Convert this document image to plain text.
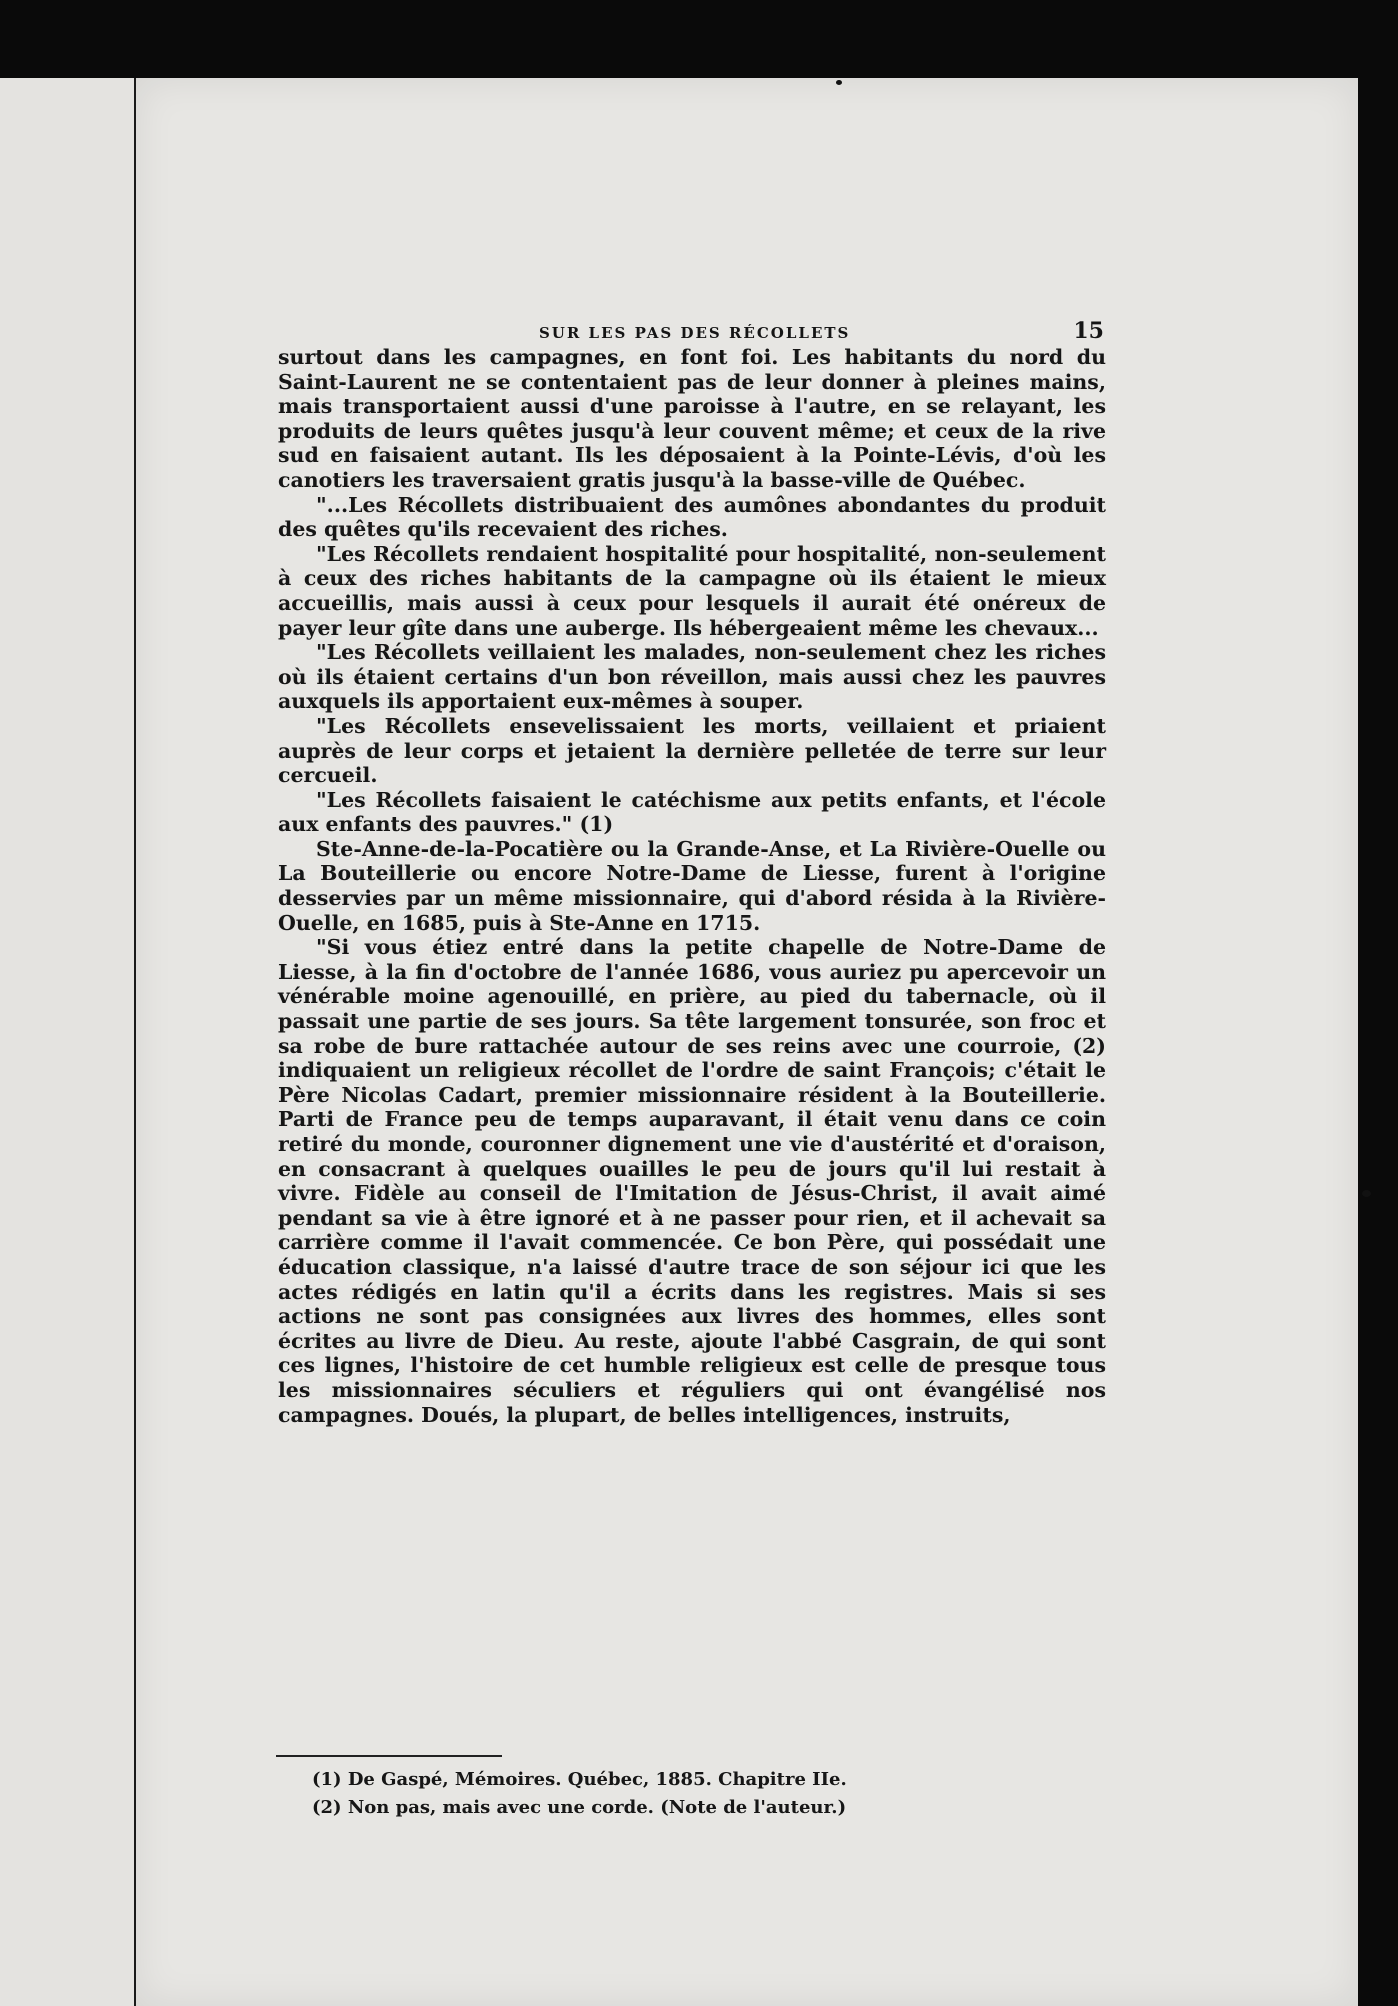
SUR LES PAS DES RÉCOLLETS	15

surtout dans les campagnes, en font foi. Les habitants du nord du Saint-Laurent ne se contentaient pas de leur donner à pleines mains, mais transportaient aussi d'une paroisse à l'autre, en se relayant, les produits de leurs quêtes jusqu'à leur couvent même; et ceux de la rive sud en faisaient autant. Ils les déposaient à la Pointe-Lévis, d'où les canotiers les traversaient gratis jusqu'à la basse-ville de Québec.

"...Les Récollets distribuaient des aumônes abondantes du produit des quêtes qu'ils recevaient des riches.

"Les Récollets rendaient hospitalité pour hospitalité, non-seulement à ceux des riches habitants de la campagne où ils étaient le mieux accueillis, mais aussi à ceux pour lesquels il aurait été onéreux de payer leur gîte dans une auberge. Ils hébergeaient même les chevaux...

"Les Récollets veillaient les malades, non-seulement chez les riches où ils étaient certains d'un bon réveillon, mais aussi chez les pauvres auxquels ils apportaient eux-mêmes à souper.

"Les Récollets ensevelissaient les morts, veillaient et priaient auprès de leur corps et jetaient la dernière pelletée de terre sur leur cercueil.

"Les Récollets faisaient le catéchisme aux petits enfants, et l'école aux enfants des pauvres." (1)

Ste-Anne-de-la-Pocatière ou la Grande-Anse, et La Rivière-Ouelle ou La Bouteillerie ou encore Notre-Dame de Liesse, furent à l'origine desservies par un même missionnaire, qui d'abord résida à la Rivière-Ouelle, en 1685, puis à Ste-Anne en 1715.

"Si vous étiez entré dans la petite chapelle de Notre-Dame de Liesse, à la fin d'octobre de l'année 1686, vous auriez pu apercevoir un vénérable moine agenouillé, en prière, au pied du tabernacle, où il passait une partie de ses jours. Sa tête largement tonsurée, son froc et sa robe de bure rattachée autour de ses reins avec une courroie, (2) indiquaient un religieux récollet de l'ordre de saint François; c'était le Père Nicolas Cadart, premier missionnaire résident à la Bouteillerie. Parti de France peu de temps auparavant, il était venu dans ce coin retiré du monde, couronner dignement une vie d'austérité et d'oraison, en consacrant à quelques ouailles le peu de jours qu'il lui restait à vivre. Fidèle au conseil de l'Imitation de Jésus-Christ, il avait aimé pendant sa vie à être ignoré et à ne passer pour rien, et il achevait sa carrière comme il l'avait commencée. Ce bon Père, qui possédait une éducation classique, n'a laissé d'autre trace de son séjour ici que les actes rédigés en latin qu'il a écrits dans les registres. Mais si ses actions ne sont pas consignées aux livres des hommes, elles sont écrites au livre de Dieu. Au reste, ajoute l'abbé Casgrain, de qui sont ces lignes, l'histoire de cet humble religieux est celle de presque tous les missionnaires séculiers et réguliers qui ont évangélisé nos campagnes. Doués, la plupart, de belles intelligences, instruits,

(1) De Gaspé, Mémoires. Québec, 1885. Chapitre IIe.

(2) Non pas, mais avec une corde. (Note de l'auteur.)
